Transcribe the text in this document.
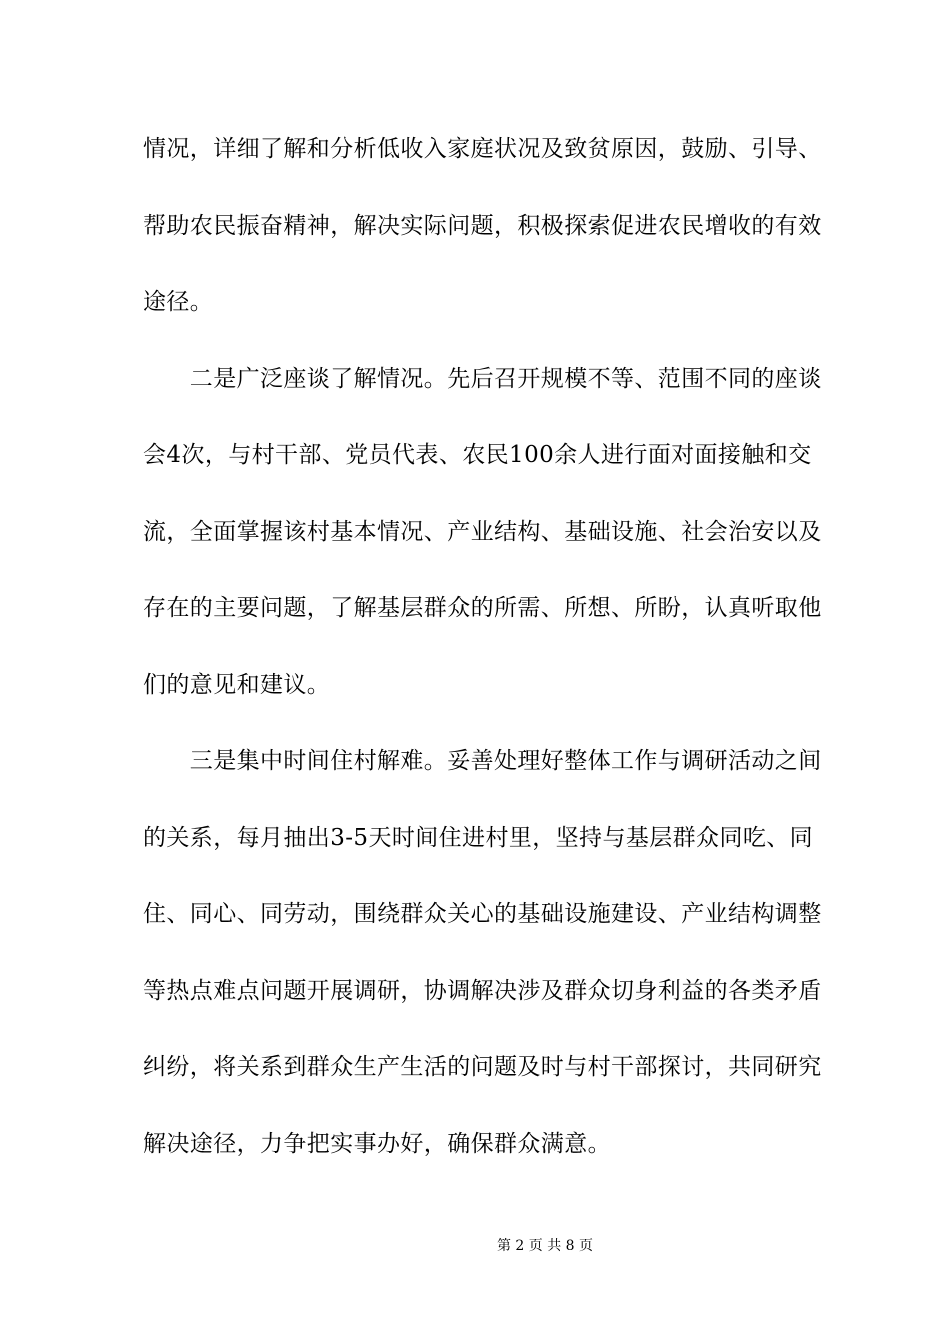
情况，详细了解和分析低收入家庭状况及致贫原因，鼓励、引导、
帮助农民振奋精神，解决实际问题，积极探索促进农民增收的有效
途径。
　　二是广泛座谈了解情况。先后召开规模不等、范围不同的座谈
会4次，与村干部、党员代表、农民100余人进行面对面接触和交
流，全面掌握该村基本情况、产业结构、基础设施、社会治安以及
存在的主要问题，了解基层群众的所需、所想、所盼，认真听取他
们的意见和建议。
　　三是集中时间住村解难。妥善处理好整体工作与调研活动之间
的关系，每月抽出3-5天时间住进村里，坚持与基层群众同吃、同
住、同心、同劳动，围绕群众关心的基础设施建设、产业结构调整
等热点难点问题开展调研，协调解决涉及群众切身利益的各类矛盾
纠纷，将关系到群众生产生活的问题及时与村干部探讨，共同研究
解决途径，力争把实事办好，确保群众满意。
第 2 页 共 8 页
